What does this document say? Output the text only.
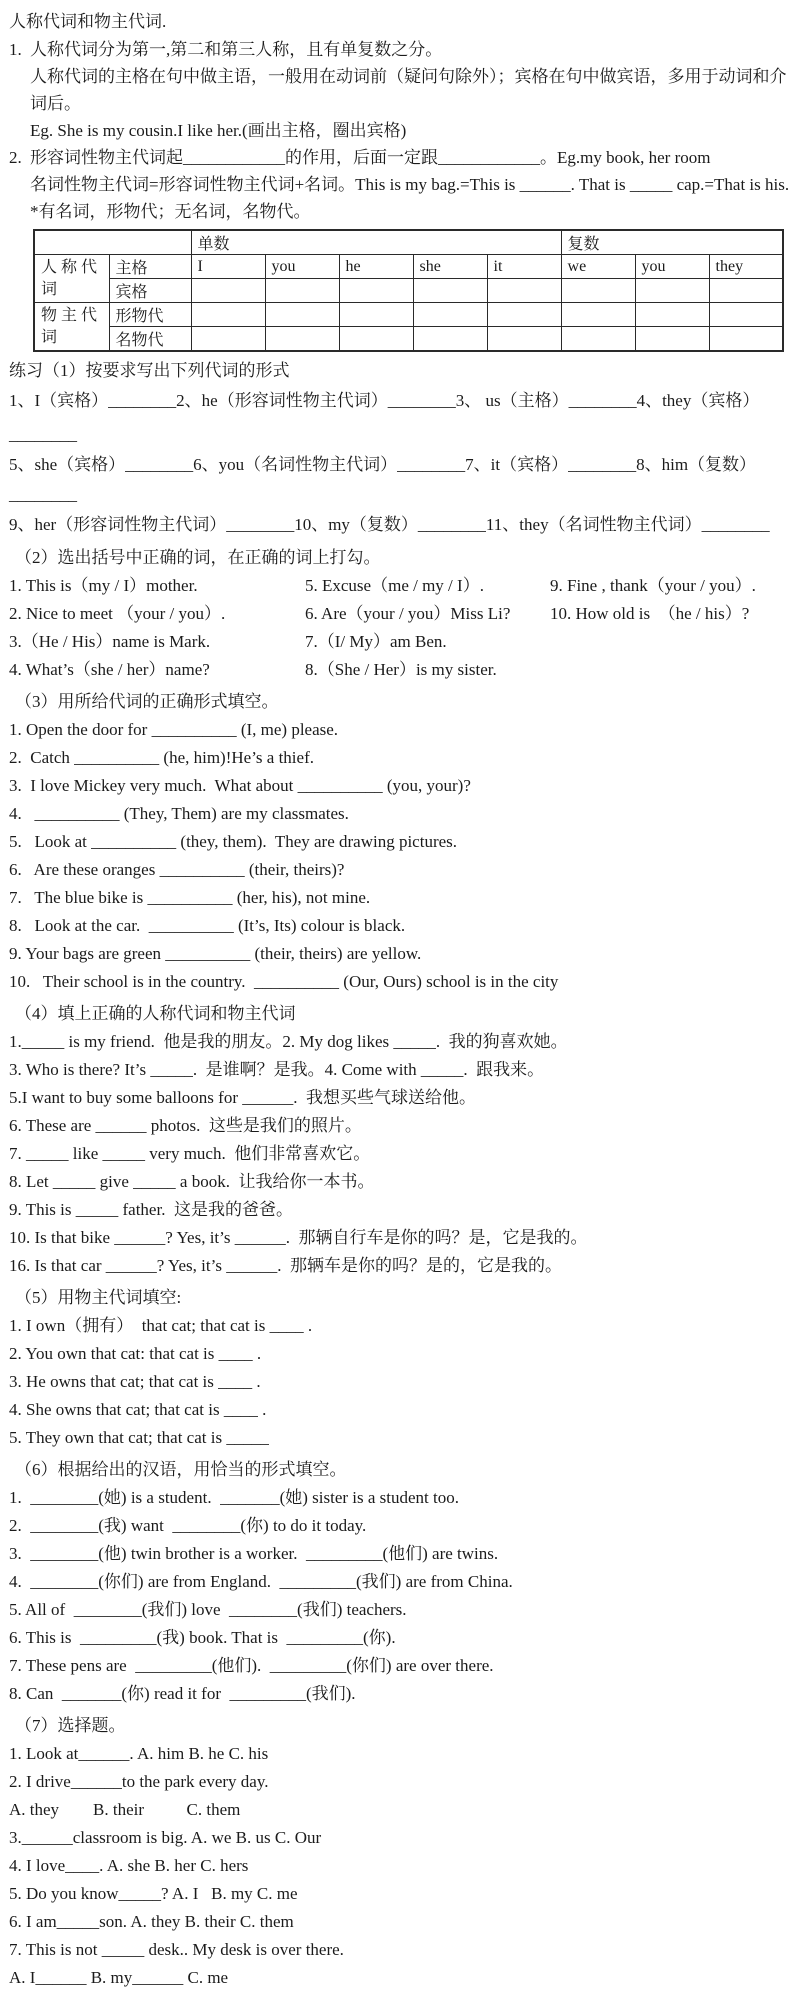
人称代词和物主代词.
1. 人称代词分为第一,第二和第三人称，且有单复数之分。
人称代词的主格在句中做主语，一般用在动词前（疑问句除外）；宾格在句中做宾语，多用于动词和介词后。
Eg. She is my cousin.I like her.(画出主格，圈出宾格)
2. 形容词性物主代词起____________的作用，后面一定跟____________。Eg.my book, her room
名词性物主代词=形容词性物主代词+名词。This is my bag.=This is ______. That is _____ cap.=That is his.
*有名词，形物代；无名词，名物代。
		单数					复数		
人 称 代 词	主格	I	you	he	she	it	we	you	they
	宾格								
物 主 代 词	形物代								
	名物代								
练习（1）按要求写出下列代词的形式
1、I（宾格）________2、he（形容词性物主代词）________3、 us（主格）________4、they（宾格）
________
5、she（宾格）________6、you（名词性物主代词）________7、it（宾格）________8、him（复数）________
9、her（形容词性物主代词）________10、my（复数）________11、they（名词性物主代词）________
（2）选出括号中正确的词，在正确的词上打勾。
1. This is（my / I）mother.	5. Excuse（me / my / I）.	9. Fine , thank（your / you）.
2. Nice to meet （your / you）.	6. Are（your / you）Miss Li?	10. How old is  （he / his）?
3.（He / His）name is Mark.	7.（I/ My）am Ben.
4. What’s（she / her）name?	8.（She / Her）is my sister.
（3）用所给代词的正确形式填空。
1. Open the door for __________ (I, me) please.
2.  Catch __________ (he, him)!He’s a thief.
3.  I love Mickey very much.  What about __________ (you, your)?
4.   __________ (They, Them) are my classmates.
5.   Look at __________ (they, them).  They are drawing pictures.
6.   Are these oranges __________ (their, theirs)?
7.   The blue bike is __________ (her, his), not mine.
8.   Look at the car.  __________ (It’s, Its) colour is black.
9. Your bags are green __________ (their, theirs) are yellow.
10.   Their school is in the country.  __________ (Our, Ours) school is in the city
（4）填上正确的人称代词和物主代词
1._____ is my friend.  他是我的朋友。2. My dog likes _____.  我的狗喜欢她。
3. Who is there? It’s _____.  是谁啊？是我。4. Come with _____.  跟我来。
5.I want to buy some balloons for ______.  我想买些气球送给他。
6. These are ______ photos.  这些是我们的照片。
7. _____ like _____ very much.  他们非常喜欢它。
8. Let _____ give _____ a book.  让我给你一本书。
9. This is _____ father.  这是我的爸爸。
10. Is that bike ______? Yes, it’s ______.  那辆自行车是你的吗？是，它是我的。
16. Is that car ______? Yes, it’s ______.  那辆车是你的吗？是的，它是我的。
（5）用物主代词填空:
1. I own（拥有）  that cat; that cat is ____ .
2. You own that cat: that cat is ____ .
3. He owns that cat; that cat is ____ .
4. She owns that cat; that cat is ____ .
5. They own that cat; that cat is _____
（6）根据给出的汉语，用恰当的形式填空。
1.  ________(她) is a student.  _______(她) sister is a student too.
2.  ________(我) want  ________(你) to do it today.
3.  ________(他) twin brother is a worker.  _________(他们) are twins.
4.  ________(你们) are from England.  _________(我们) are from China.
5. All of  ________(我们) love  ________(我们) teachers.
6. This is  _________(我) book. That is  _________(你).
7. These pens are  _________(他们).  _________(你们) are over there.
8. Can  _______(你) read it for  _________(我们).
（7）选择题。
1. Look at______. A. him B. he C. his
2. I drive______to the park every day.
A. they        B. their          C. them
3.______classroom is big. A. we B. us C. Our
4. I love____. A. she B. her C. hers
5. Do you know_____? A. I   B. my C. me
6. I am_____son. A. they B. their C. them
7. This is not _____ desk.. My desk is over there.
A. I______ B. my______ C. me
